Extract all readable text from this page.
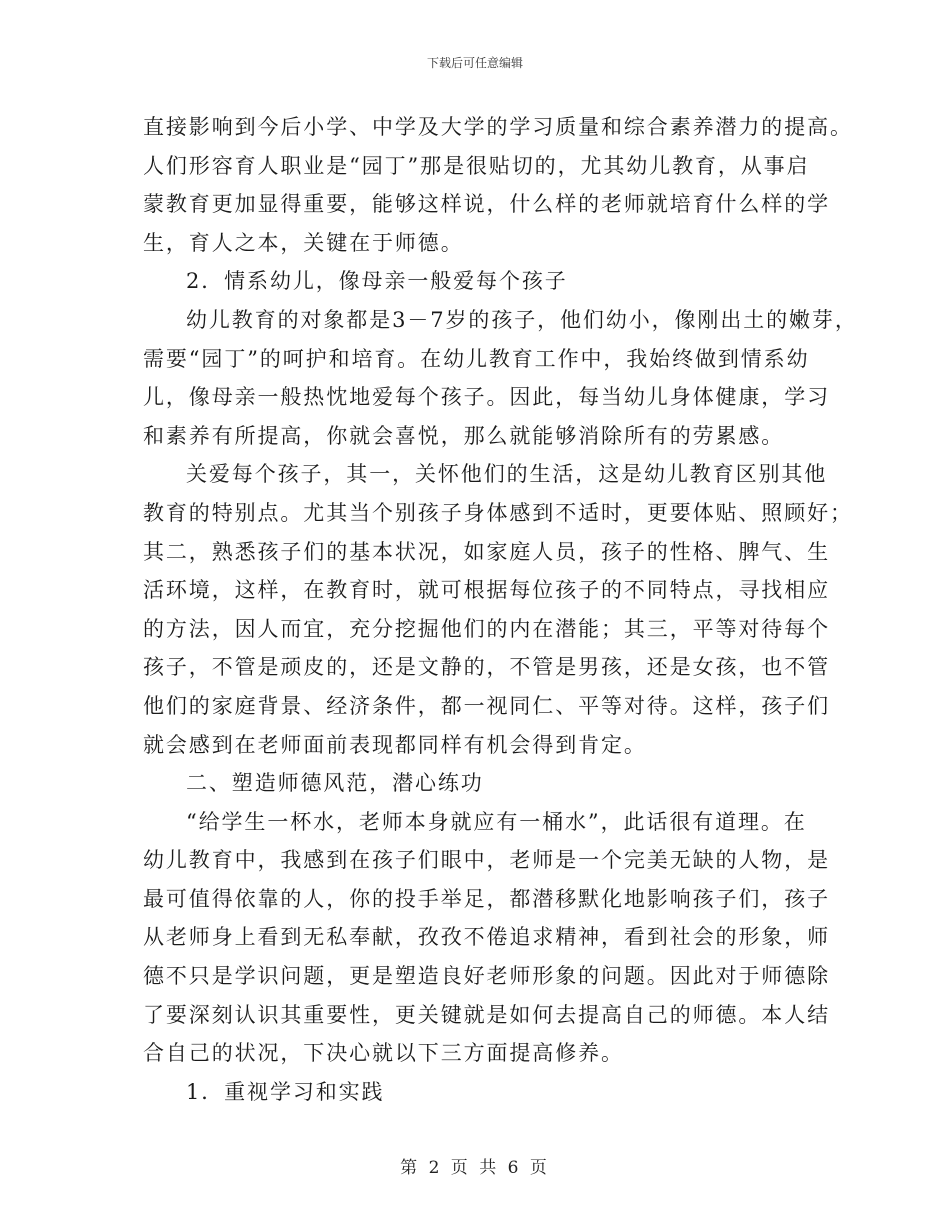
下载后可任意编辑
直接影响到今后小学、中学及大学的学习质量和综合素养潜力的提高。
人们形容育人职业是“园丁”那是很贴切的，尤其幼儿教育，从事启
蒙教育更加显得重要，能够这样说，什么样的老师就培育什么样的学
生，育人之本，关键在于师德。
2．情系幼儿，像母亲一般爱每个孩子
幼儿教育的对象都是3－7岁的孩子，他们幼小，像刚出土的嫩芽，
需要“园丁”的呵护和培育。在幼儿教育工作中，我始终做到情系幼
儿，像母亲一般热忱地爱每个孩子。因此，每当幼儿身体健康，学习
和素养有所提高，你就会喜悦，那么就能够消除所有的劳累感。
关爱每个孩子，其一，关怀他们的生活，这是幼儿教育区别其他
教育的特别点。尤其当个别孩子身体感到不适时，更要体贴、照顾好；
其二，熟悉孩子们的基本状况，如家庭人员，孩子的性格、脾气、生
活环境，这样，在教育时，就可根据每位孩子的不同特点，寻找相应
的方法，因人而宜，充分挖掘他们的内在潜能；其三，平等对待每个
孩子，不管是顽皮的，还是文静的，不管是男孩，还是女孩，也不管
他们的家庭背景、经济条件，都一视同仁、平等对待。这样，孩子们
就会感到在老师面前表现都同样有机会得到肯定。
二、塑造师德风范，潜心练功
“给学生一杯水，老师本身就应有一桶水”，此话很有道理。在
幼儿教育中，我感到在孩子们眼中，老师是一个完美无缺的人物，是
最可值得依靠的人，你的投手举足，都潜移默化地影响孩子们，孩子
从老师身上看到无私奉献，孜孜不倦追求精神，看到社会的形象，师
德不只是学识问题，更是塑造良好老师形象的问题。因此对于师德除
了要深刻认识其重要性，更关键就是如何去提高自己的师德。本人结
合自己的状况，下决心就以下三方面提高修养。
1．重视学习和实践
第 2 页 共 6 页
